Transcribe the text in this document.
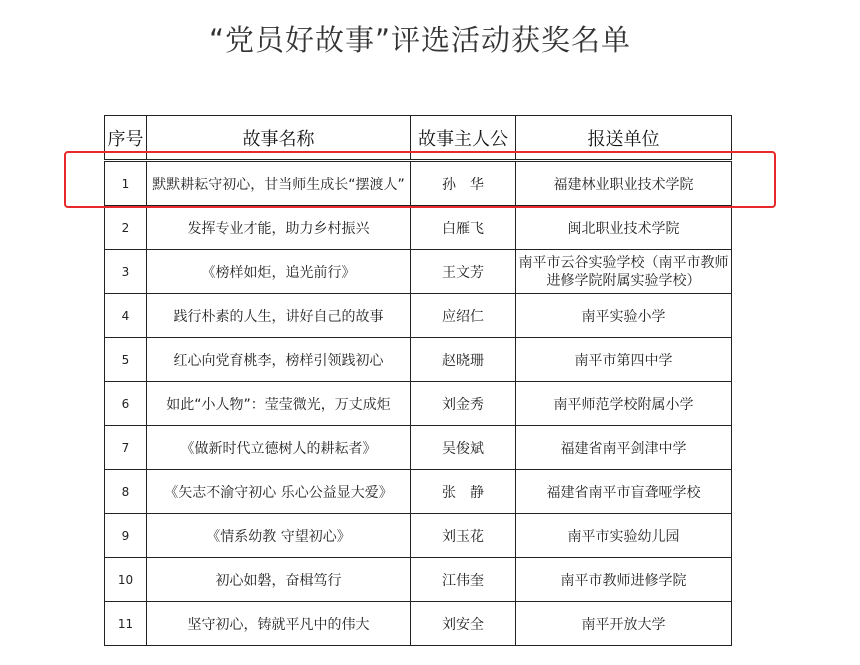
“党员好故事”评选活动获奖名单
序号	故事名称	故事主人公	报送单位
1	默默耕耘守初心，甘当师生成长“摆渡人”	孙　华	福建林业职业技术学院
2	发挥专业才能，助力乡村振兴	白雁飞	闽北职业技术学院
3	《榜样如炬，追光前行》	王文芳	南平市云谷实验学校（南平市教师进修学院附属实验学校）
4	践行朴素的人生，讲好自己的故事	应绍仁	南平实验小学
5	红心向党育桃李，榜样引领践初心	赵晓珊	南平市第四中学
6	如此“小人物”：莹莹微光，万丈成炬	刘金秀	南平师范学校附属小学
7	《做新时代立德树人的耕耘者》	吴俊斌	福建省南平剑津中学
8	《矢志不渝守初心 乐心公益显大爱》	张　静	福建省南平市盲聋哑学校
9	《情系幼教 守望初心》	刘玉花	南平市实验幼儿园
10	初心如磐，奋楫笃行	江伟奎	南平市教师进修学院
11	坚守初心，铸就平凡中的伟大	刘安全	南平开放大学
